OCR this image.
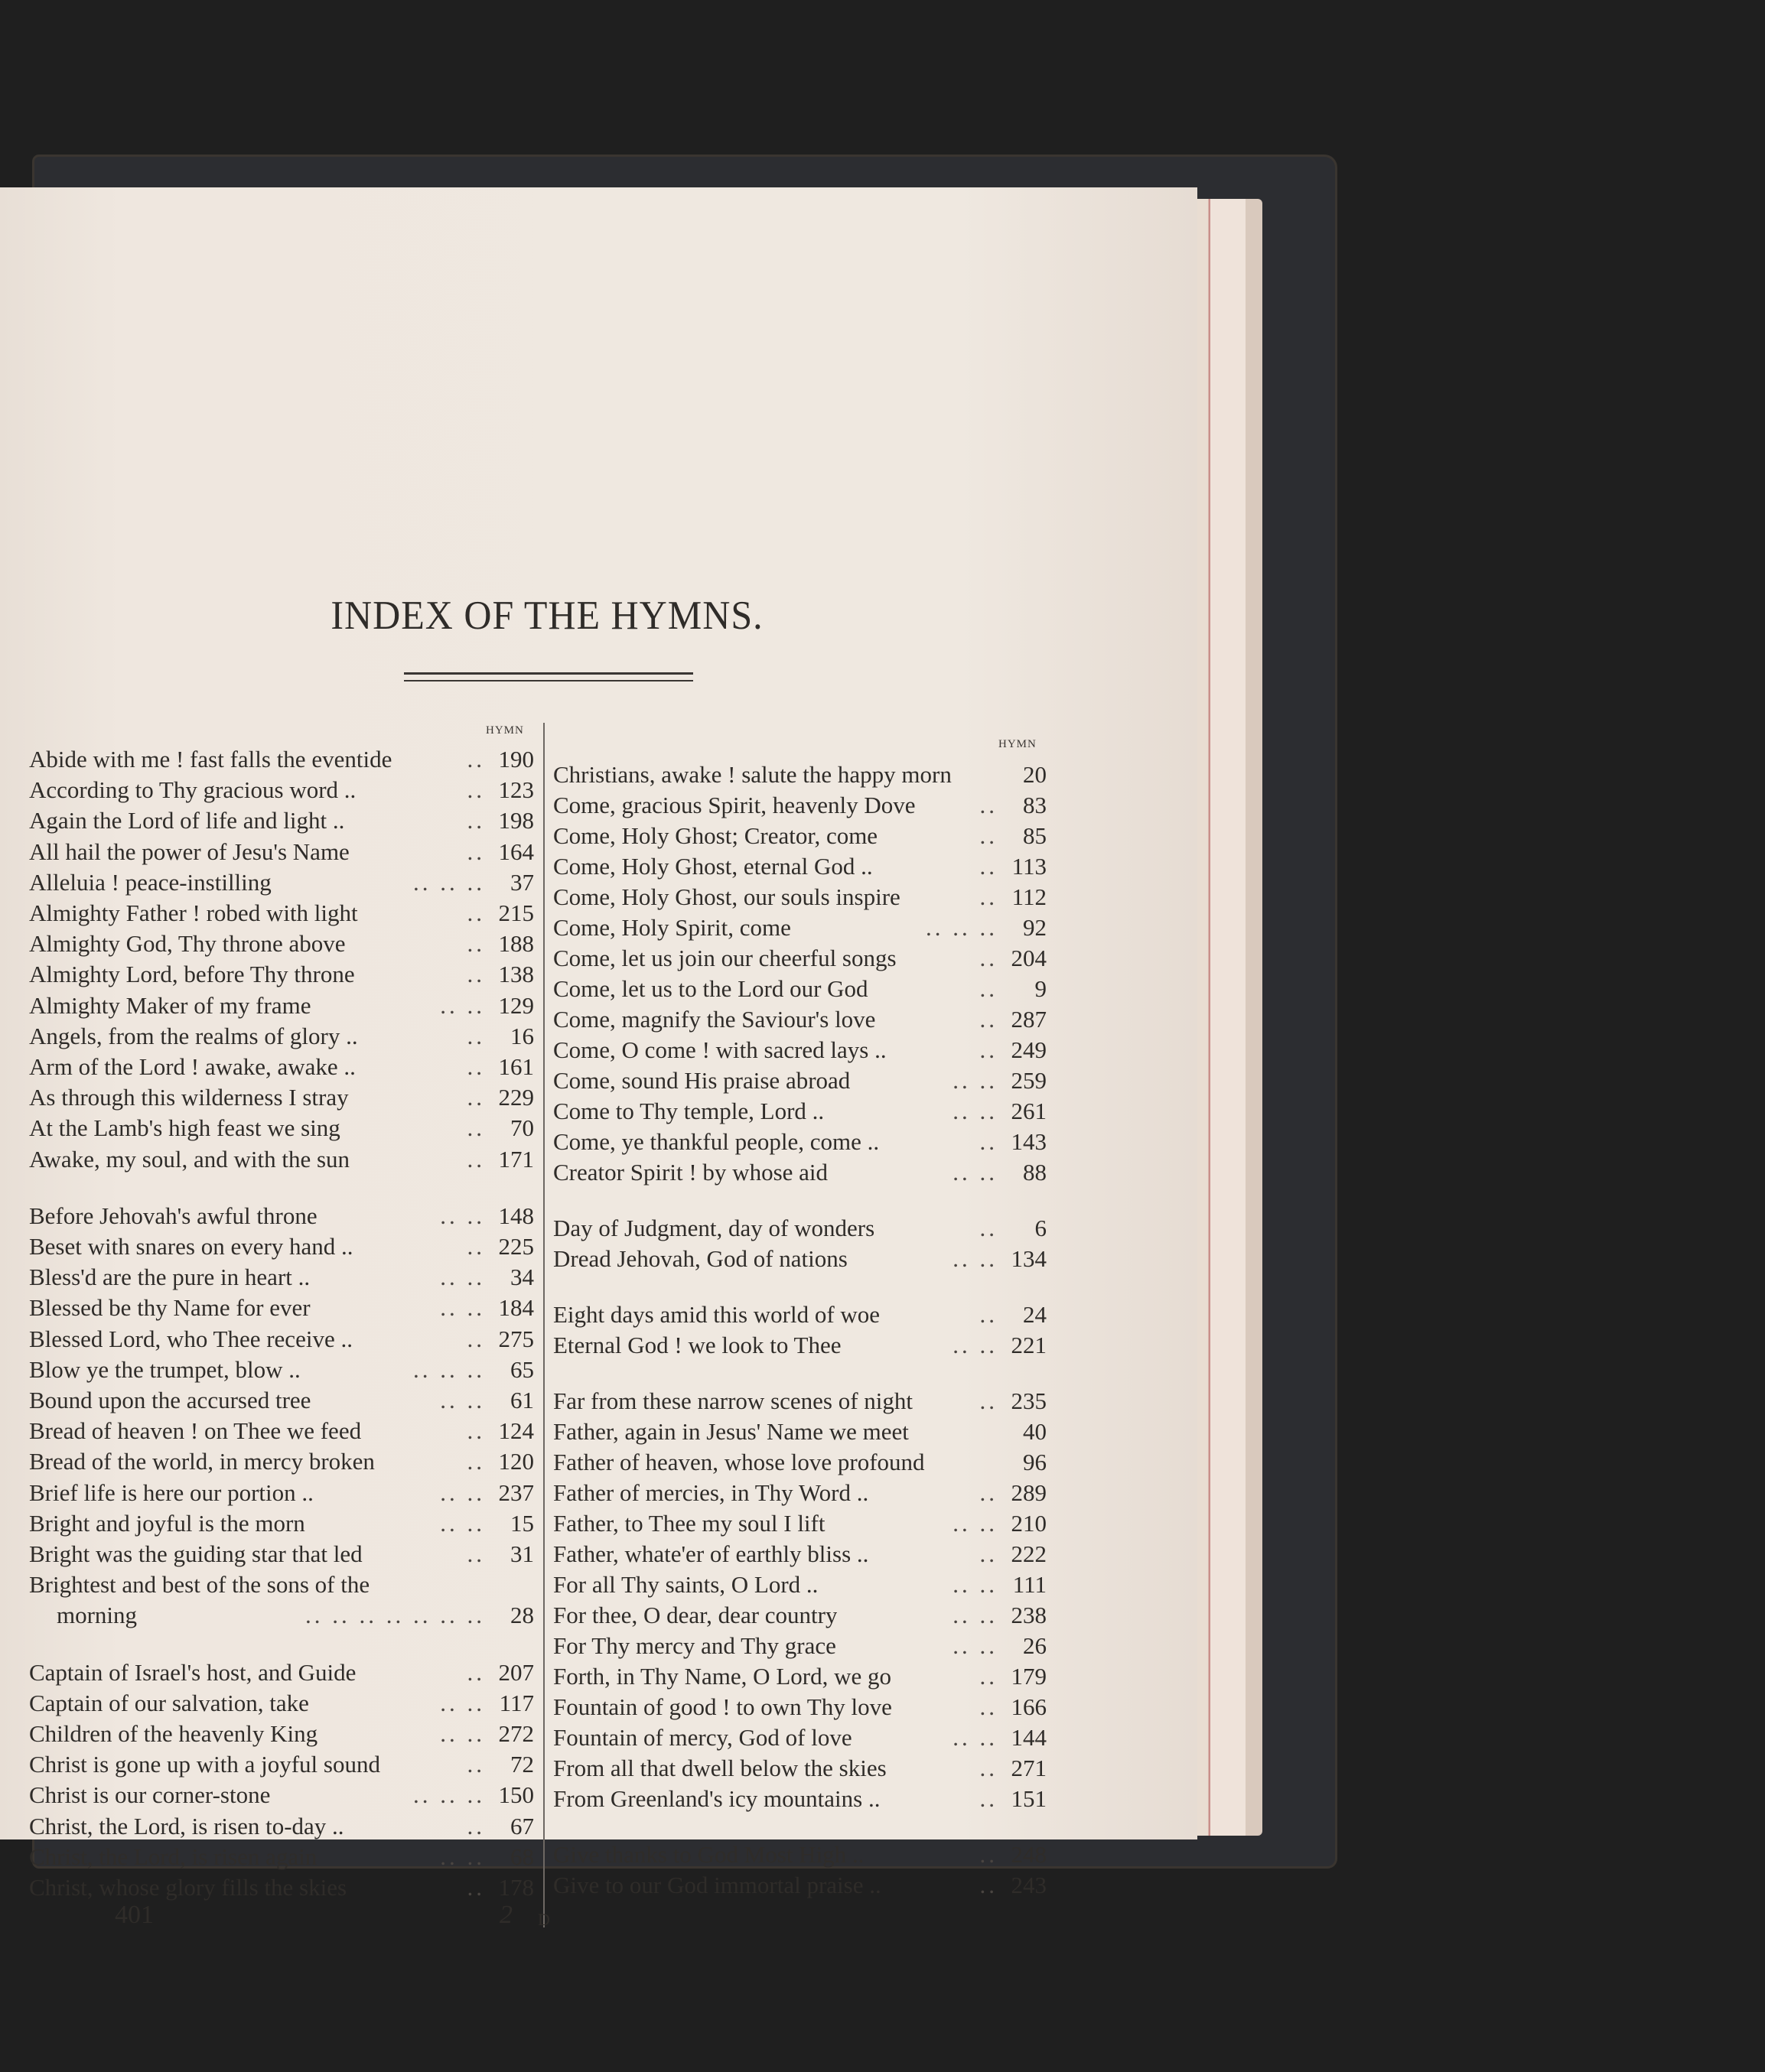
INDEX OF THE HYMNS.
HYMN
Abide with me ! fast falls the eventide	.. 190
According to Thy gracious word ..	.. 123
Again the Lord of life and light ..	.. 198
All hail the power of Jesu's Name	.. 164
Alleluia ! peace-instilling	.. .. ..	37
Almighty Father ! robed with light	.. 215
Almighty God, Thy throne above	.. 188
Almighty Lord, before Thy throne	.. 138
Almighty Maker of my frame	.. .. 129
Angels, from the realms of glory ..	..	16
Arm of the Lord ! awake, awake ..	.. 161
As through this wilderness I stray	.. 229
At the Lamb's high feast we sing	..	70
Awake, my soul, and with the sun	.. 171
Before Jehovah's awful throne	.. .. 148
Beset with snares on every hand ..	.. 225
Bless'd are the pure in heart ..	.. ..	34
Blessed be thy Name for ever	.. .. 184
Blessed Lord, who Thee receive ..	.. 275
Blow ye the trumpet, blow ..	.. .. ..	65
Bound upon the accursed tree	.. ..	61
Bread of heaven ! on Thee we feed	.. 124
Bread of the world, in mercy broken	.. 120
Brief life is here our portion ..	.. .. 237
Bright and joyful is the morn	.. ..	15
Bright was the guiding star that led	..	31
Brightest and best of the sons of the
morning	.. .. .. .. .. .. ..	28
Captain of Israel's host, and Guide	.. 207
Captain of our salvation, take	.. .. 117
Children of the heavenly King	.. .. 272
Christ is gone up with a joyful sound	..	72
Christ is our corner-stone	.. .. .. 150
Christ, the Lord, is risen to-day ..	..	67
Christ, the Lord, is risen again	.. ..	68
Christ, whose glory fills the skies	.. 178
HYMN
Christians, awake ! salute the happy morn	20
Come, gracious Spirit, heavenly Dove	..	83
Come, Holy Ghost; Creator, come	..	85
Come, Holy Ghost, eternal God ..	.. 113
Come, Holy Ghost, our souls inspire	.. 112
Come, Holy Spirit, come	.. .. ..	92
Come, let us join our cheerful songs	.. 204
Come, let us to the Lord our God	..	9
Come, magnify the Saviour's love	.. 287
Come, O come ! with sacred lays ..	.. 249
Come, sound His praise abroad	.. .. 259
Come to Thy temple, Lord ..	.. .. 261
Come, ye thankful people, come ..	.. 143
Creator Spirit ! by whose aid	.. ..	88
Day of Judgment, day of wonders	..	6
Dread Jehovah, God of nations	.. .. 134
Eight days amid this world of woe	..	24
Eternal God ! we look to Thee	.. .. 221
Far from these narrow scenes of night	.. 235
Father, again in Jesus' Name we meet	40
Father of heaven, whose love profound	96
Father of mercies, in Thy Word ..	.. 289
Father, to Thee my soul I lift	.. .. 210
Father, whate'er of earthly bliss ..	.. 222
For all Thy saints, O Lord ..	.. .. 111
For thee, O dear, dear country	.. .. 238
For Thy mercy and Thy grace	.. ..	26
Forth, in Thy Name, O Lord, we go	.. 179
Fountain of good ! to own Thy love	.. 166
Fountain of mercy, God of love	.. .. 144
From all that dwell below the skies	.. 271
From Greenland's icy mountains ..	.. 151
Give thanks to God Most High ..	.. 248
Give to our God immortal praise ..	.. 243
401	2 D
